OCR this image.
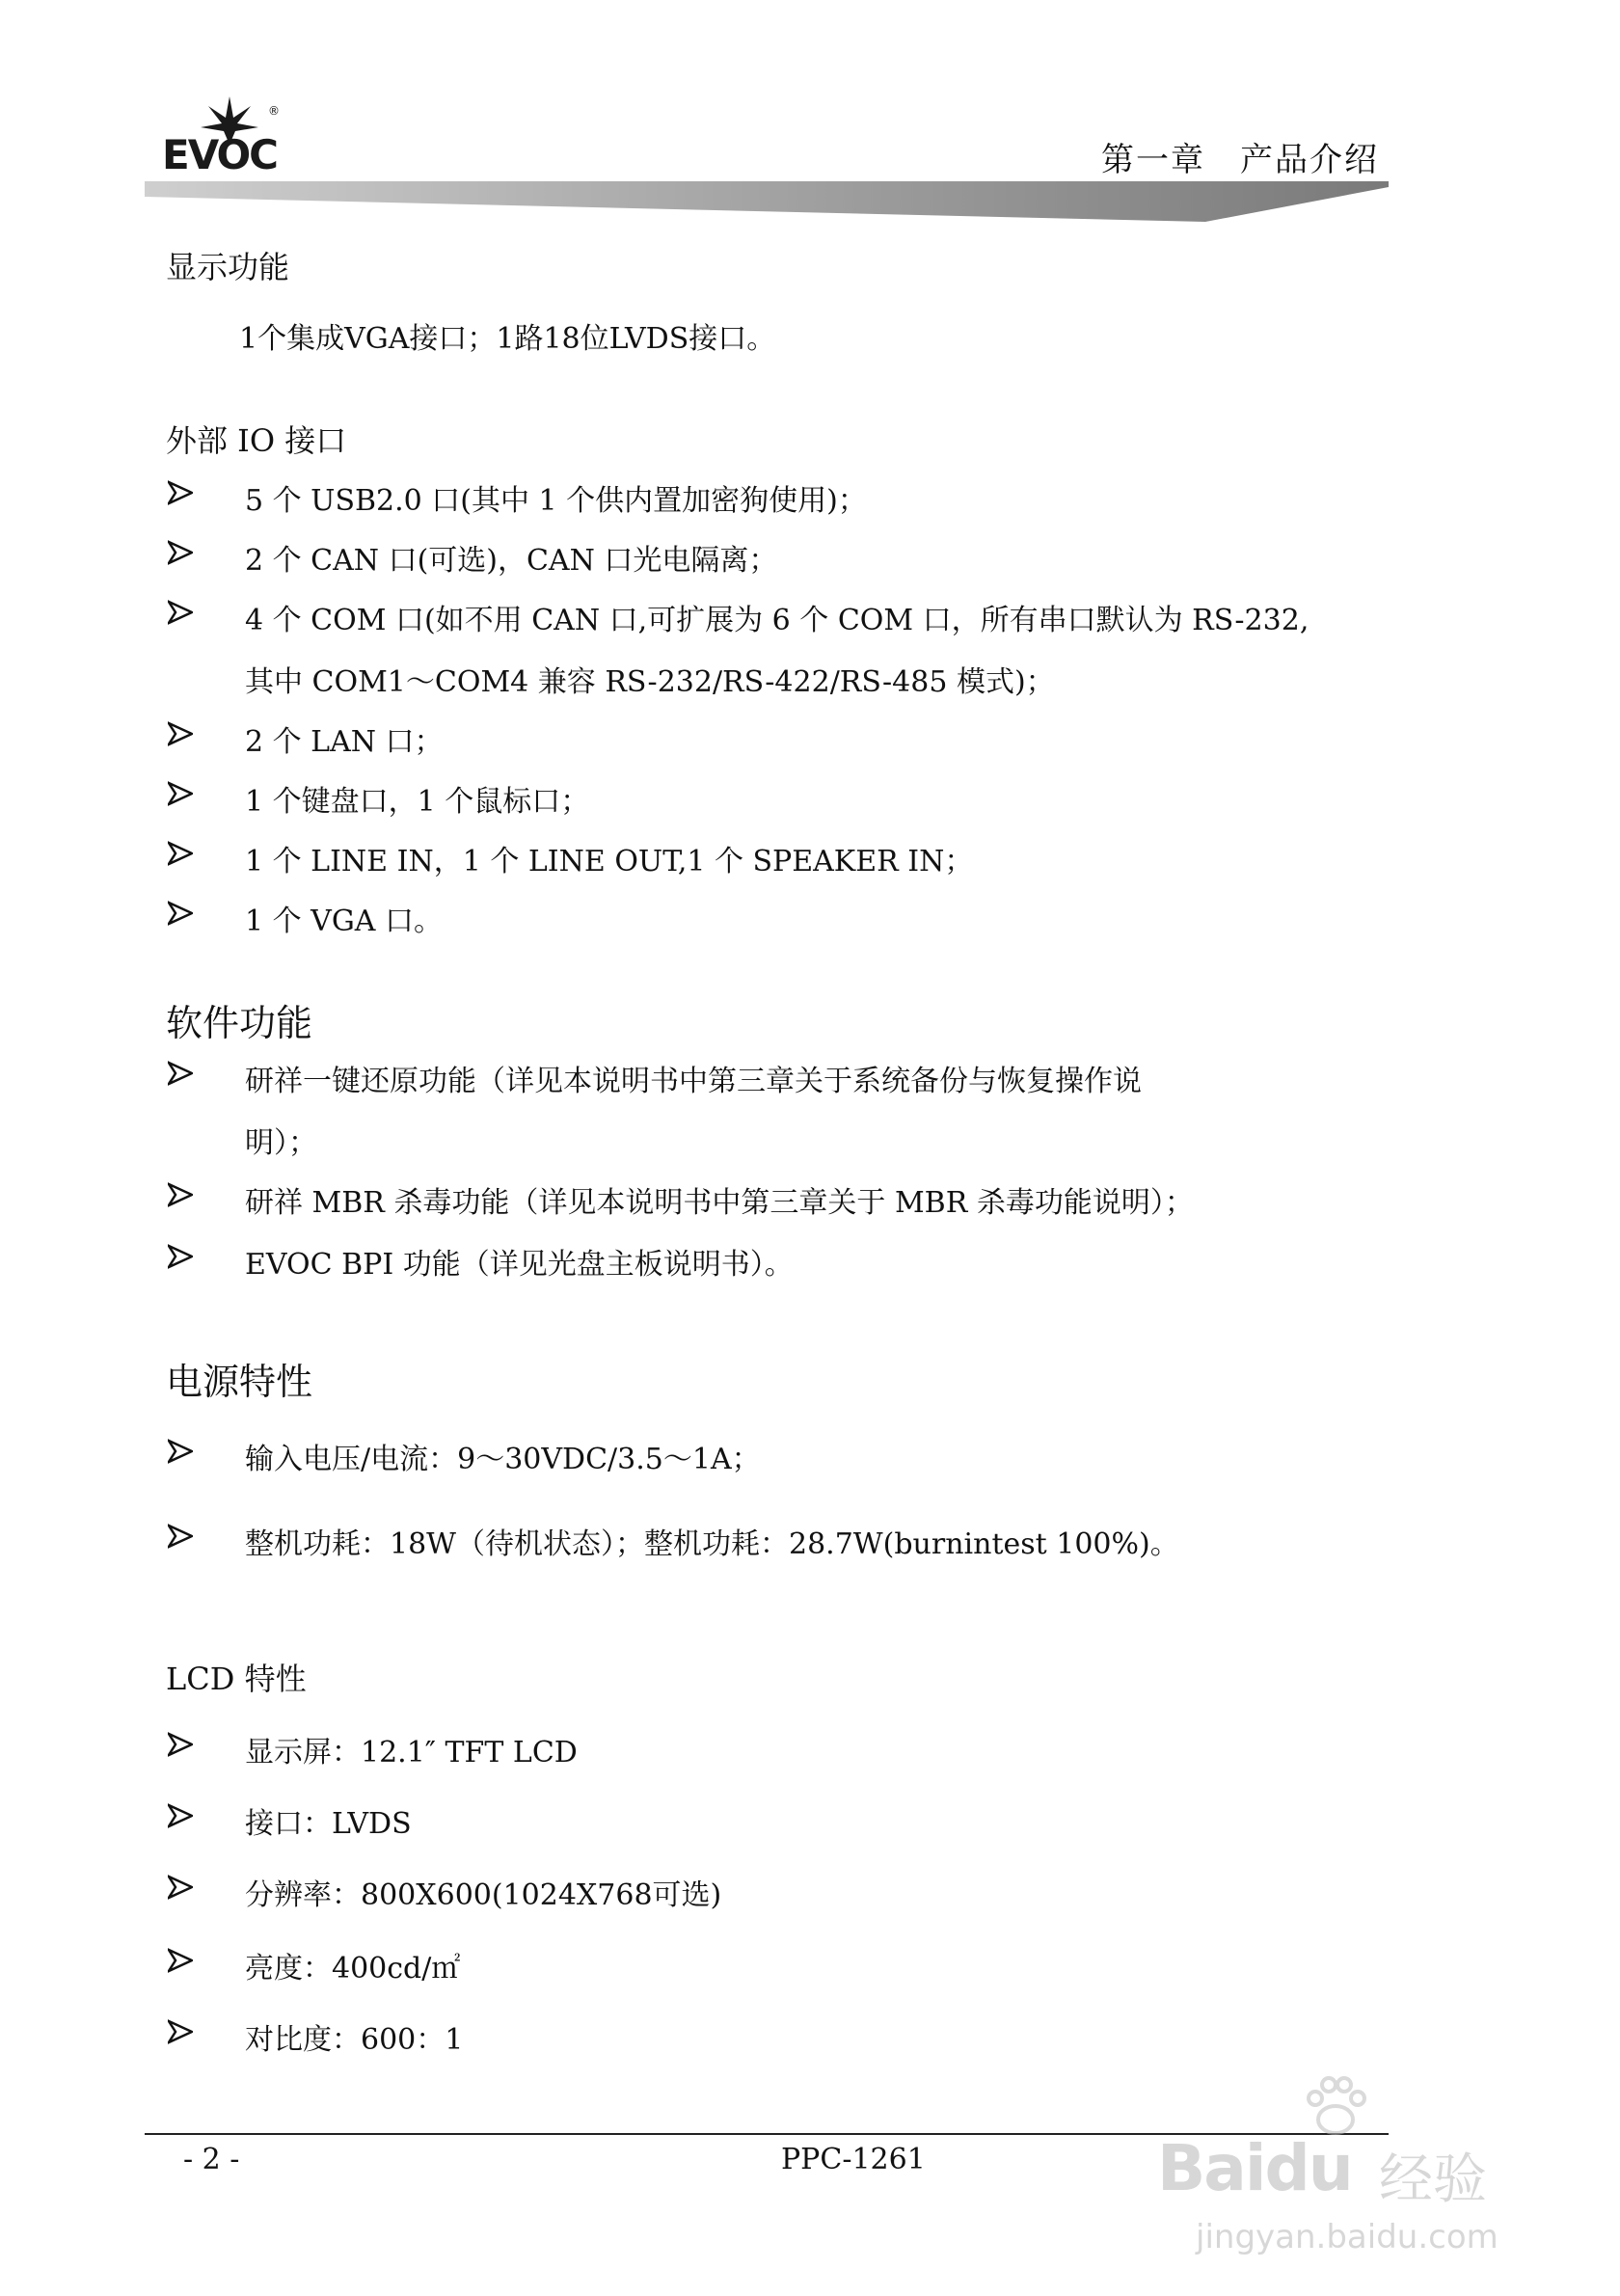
®
EVOC	第一章　产品介绍
显示功能
1个集成VGA接口；1路18位LVDS接口。
外部 IO 接口
5 个 USB2.0 口(其中 1 个供内置加密狗使用)；
2 个 CAN 口(可选)，CAN 口光电隔离；
4 个 COM 口(如不用 CAN 口,可扩展为 6 个 COM 口，所有串口默认为 RS-232,
其中 COM1～COM4 兼容 RS-232/RS-422/RS-485 模式)；
2 个 LAN 口；
1 个键盘口，1 个鼠标口；
1 个 LINE IN，1 个 LINE OUT,1 个 SPEAKER IN；
1 个 VGA 口。
软件功能
研祥一键还原功能（详见本说明书中第三章关于系统备份与恢复操作说
明）；
研祥 MBR 杀毒功能（详见本说明书中第三章关于 MBR 杀毒功能说明）；
EVOC BPI 功能（详见光盘主板说明书）。
电源特性
输入电压/电流：9～30VDC/3.5～1A；
整机功耗：18W（待机状态）；整机功耗：28.7W(burnintest 100%)。
LCD 特性
显示屏：12.1″ TFT LCD
接口：LVDS
分辨率：800X600(1024X768可选)
亮度：400cd/㎡
对比度：600：1
- 2 -	PPC-1261	Baidu 经验
jingyan.baidu.com
